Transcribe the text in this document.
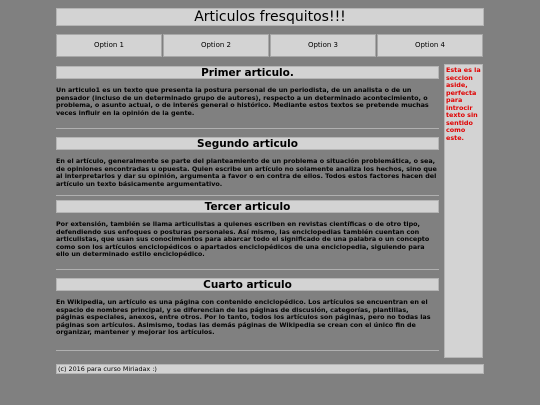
Articulos fresquitos!!!
Option 1	Option 2	Option 3	Option 4
Primer articulo.

Un articulo1 es un texto que presenta la postura personal de un periodista, de un analista o de un pensador (incluso de un determinado grupo de autores), respecto a un determinado acontecimiento, o problema, o asunto actual, o de interés general o histórico. Mediante estos textos se pretende muchas veces influir en la opinión de la gente.

Segundo articulo

En el artículo, generalmente se parte del planteamiento de un problema o situación problemática, o sea, de opiniones encontradas u opuesta. Quien escribe un artículo no solamente analiza los hechos, sino que al interpretarlos y dar su opinión, argumenta a favor o en contra de ellos. Todos estos factores hacen del artículo un texto básicamente argumentativo.

Tercer articulo

Por extensión, también se llama articulistas a quienes escriben en revistas científicas o de otro tipo, defendiendo sus enfoques o posturas personales. Así mismo, las enciclopedias también cuentan con articulistas, que usan sus conocimientos para abarcar todo el significado de una palabra o un concepto como son los artículos enciclopédicos o apartados enciclopédicos de una enciclopedia, siguiendo para ello un determinado estilo enciclopédico.

Cuarto articulo

En Wikipedia, un artículo es una página con contenido enciclopédico. Los artículos se encuentran en el espacio de nombres principal, y se diferencian de las páginas de discusión, categorías, plantillas, páginas especiales, anexos, entre otros. Por lo tanto, todos los artículos son páginas, pero no todas las páginas son artículos. Asimismo, todas las demás páginas de Wikipedia se crean con el único fin de organizar, mantener y mejorar los artículos.

Esta es la seccion aside, perfecta para introcir texto sin sentido como este.
(c) 2016 para curso Miriadax :)
